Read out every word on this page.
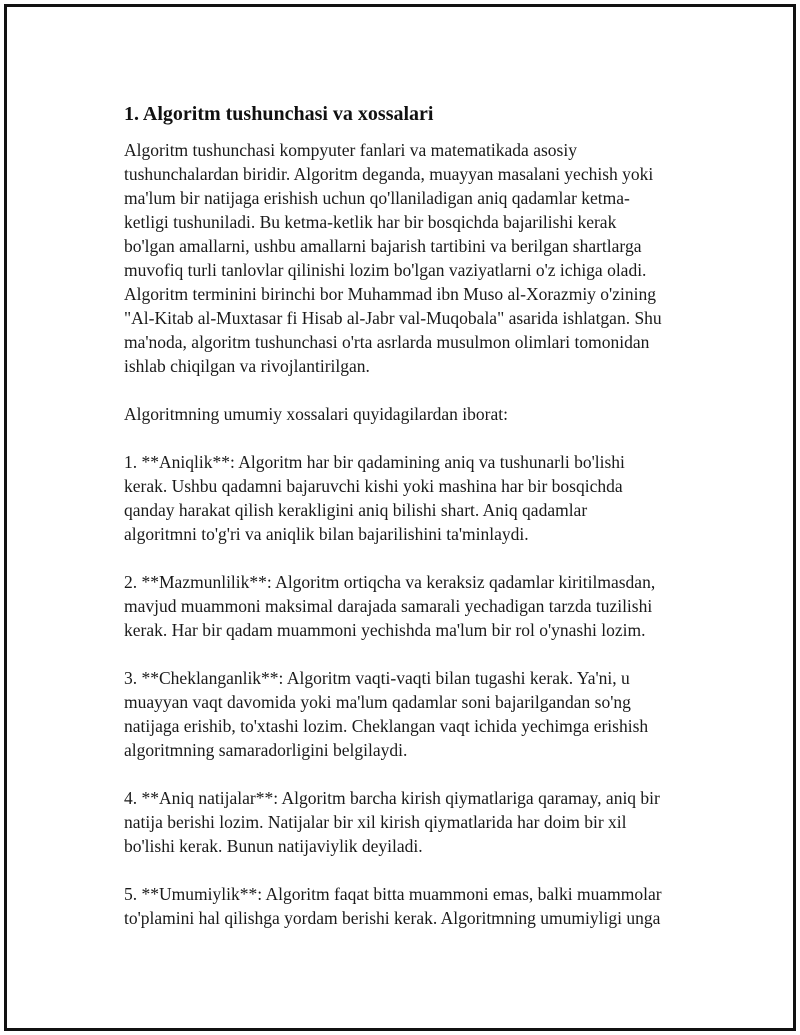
1. Algoritm tushunchasi va xossalari

Algoritm tushunchasi kompyuter fanlari va matematikada asosiy
tushunchalardan biridir. Algoritm deganda, muayyan masalani yechish yoki
ma'lum bir natijaga erishish uchun qo'llaniladigan aniq qadamlar ketma-
ketligi tushuniladi. Bu ketma-ketlik har bir bosqichda bajarilishi kerak
bo'lgan amallarni, ushbu amallarni bajarish tartibini va berilgan shartlarga
muvofiq turli tanlovlar qilinishi lozim bo'lgan vaziyatlarni o'z ichiga oladi.
Algoritm terminini birinchi bor Muhammad ibn Muso al-Xorazmiy o'zining
"Al-Kitab al-Muxtasar fi Hisab al-Jabr val-Muqobala" asarida ishlatgan. Shu
ma'noda, algoritm tushunchasi o'rta asrlarda musulmon olimlari tomonidan
ishlab chiqilgan va rivojlantirilgan.

Algoritmning umumiy xossalari quyidagilardan iborat:

1. **Aniqlik**: Algoritm har bir qadamining aniq va tushunarli bo'lishi
kerak. Ushbu qadamni bajaruvchi kishi yoki mashina har bir bosqichda
qanday harakat qilish kerakligini aniq bilishi shart. Aniq qadamlar
algoritmni to'g'ri va aniqlik bilan bajarilishini ta'minlaydi.

2. **Mazmunlilik**: Algoritm ortiqcha va keraksiz qadamlar kiritilmasdan,
mavjud muammoni maksimal darajada samarali yechadigan tarzda tuzilishi
kerak. Har bir qadam muammoni yechishda ma'lum bir rol o'ynashi lozim.

3. **Cheklanganlik**: Algoritm vaqti-vaqti bilan tugashi kerak. Ya'ni, u
muayyan vaqt davomida yoki ma'lum qadamlar soni bajarilgandan so'ng
natijaga erishib, to'xtashi lozim. Cheklangan vaqt ichida yechimga erishish
algoritmning samaradorligini belgilaydi.

4. **Aniq natijalar**: Algoritm barcha kirish qiymatlariga qaramay, aniq bir
natija berishi lozim. Natijalar bir xil kirish qiymatlarida har doim bir xil
bo'lishi kerak. Bunun natijaviylik deyiladi.

5. **Umumiylik**: Algoritm faqat bitta muammoni emas, balki muammolar
to'plamini hal qilishga yordam berishi kerak. Algoritmning umumiyligi unga
